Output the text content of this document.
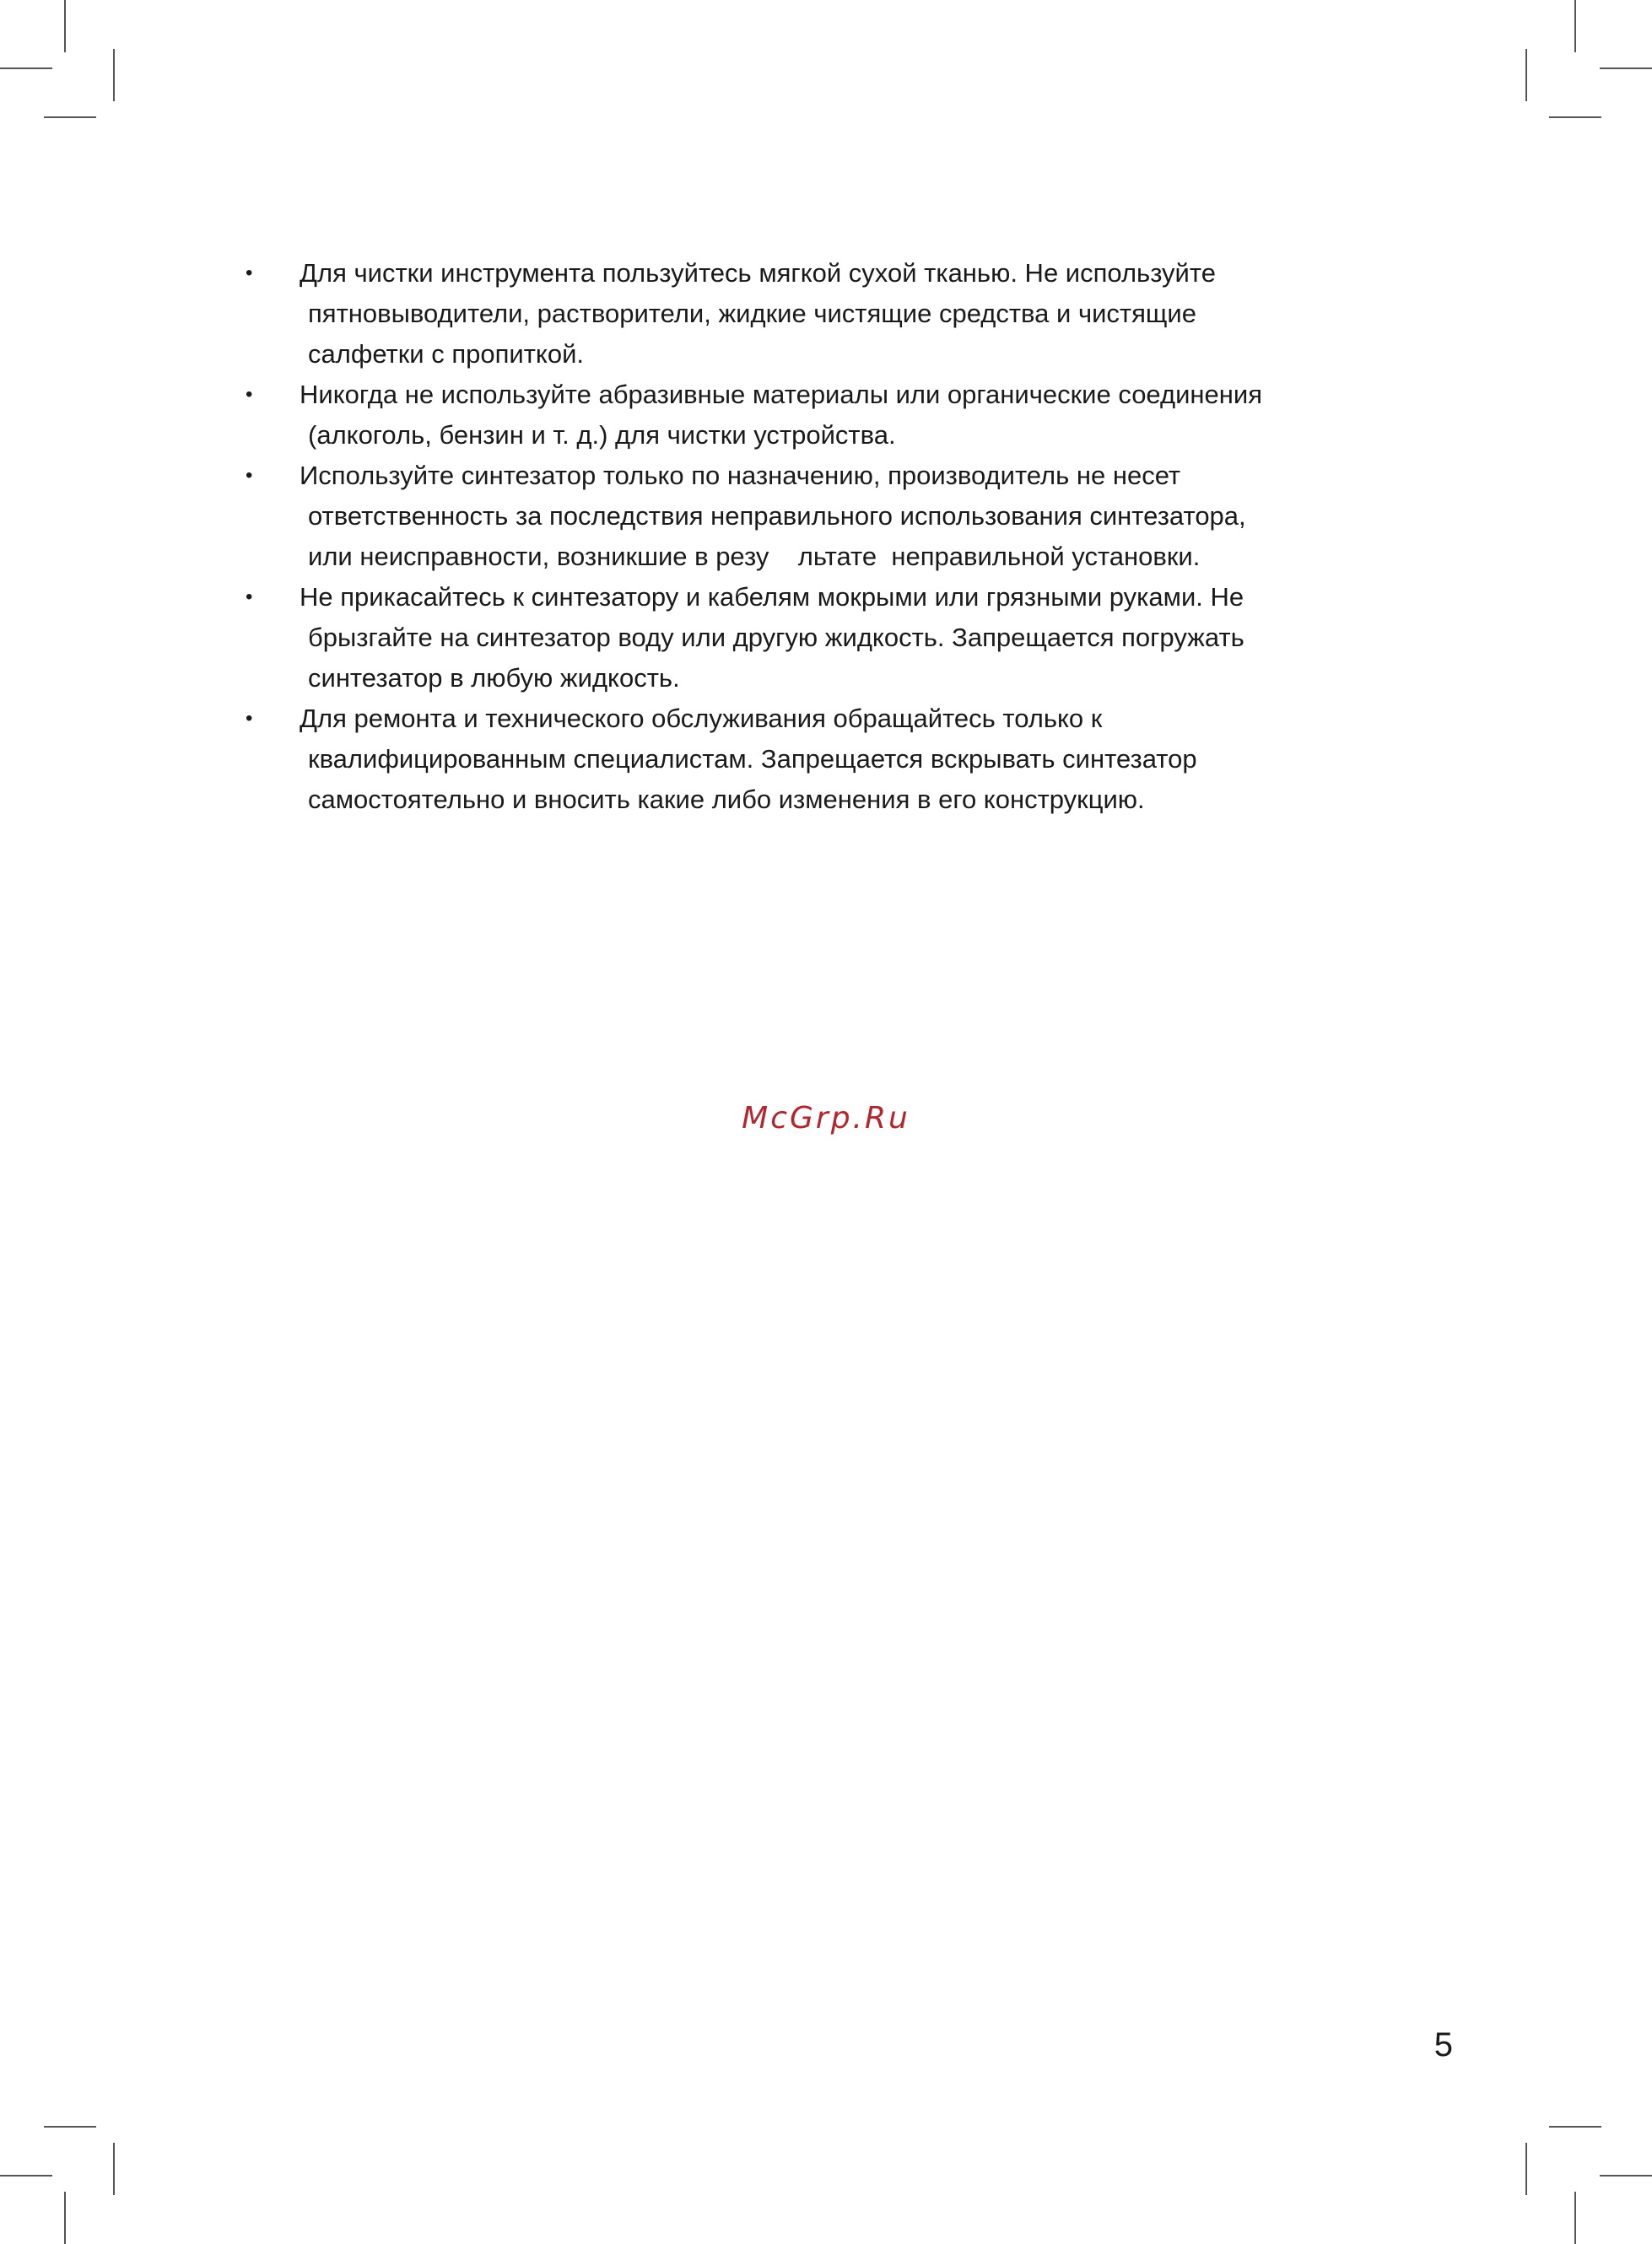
• Для чистки инструмента пользуйтесь мягкой сухой тканью. Не используйте
пятновыводители, растворители, жидкие чистящие средства и чистящие
салфетки с пропиткой.
• Никогда не используйте абразивные материалы или органические соединения
(алкоголь, бензин и т. д.) для чистки устройства.
• Используйте синтезатор только по назначению, производитель не несет
ответственность за последствия неправильного использования синтезатора,
или неисправности, возникшие в резу    льтате  неправильной установки.
• Не прикасайтесь к синтезатору и кабелям мокрыми или грязными руками. Не
брызгайте на синтезатор воду или другую жидкость. Запрещается погружать
синтезатор в любую жидкость.
• Для ремонта и технического обслуживания обращайтесь только к
квалифицированным специалистам. Запрещается вскрывать синтезатор
самостоятельно и вносить какие либо изменения в его конструкцию.
McGrp.Ru
5
